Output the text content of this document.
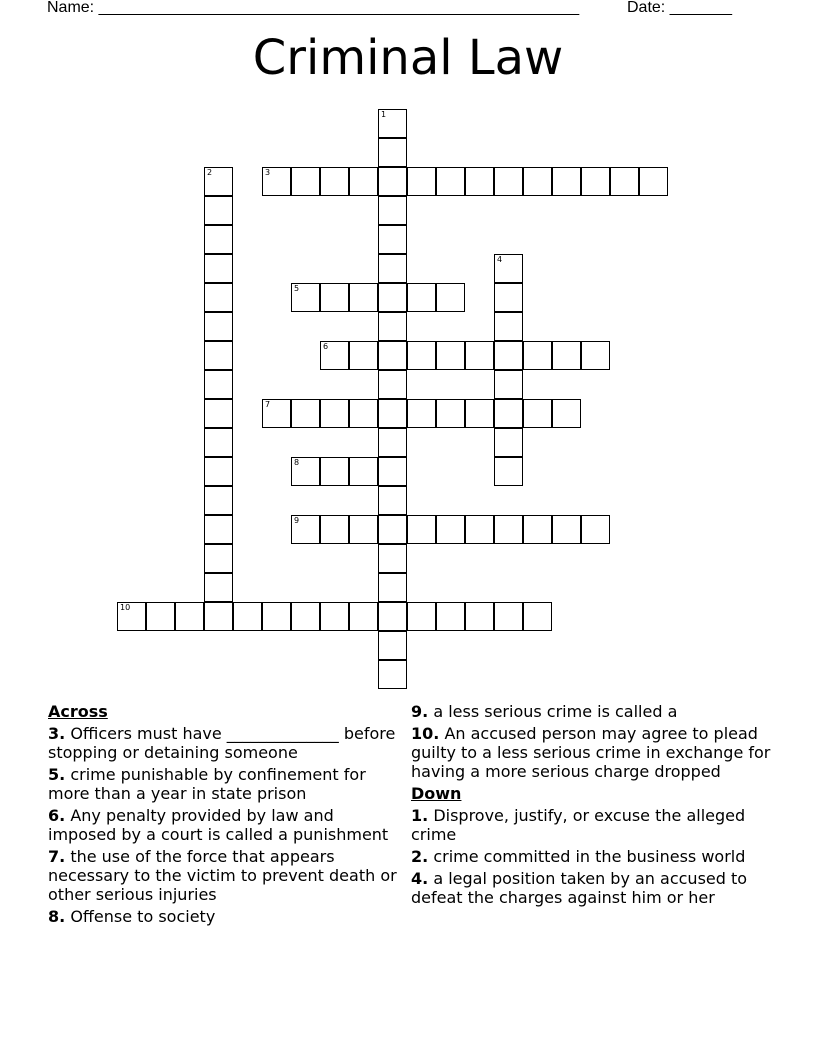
Name: ______________________________________________________	Date: _______
Criminal Law
1
2	3
4
5
6
7
8
9
10
Across
3. Officers must have ______________ before stopping or detaining someone
5. crime punishable by confinement for more than a year in state prison
6. Any penalty provided by law and imposed by a court is called a punishment
7. the use of the force that appears necessary to the victim to prevent death or other serious injuries
8. Offense to society
9. a less serious crime is called a
10. An accused person may agree to plead guilty to a less serious crime in exchange for having a more serious charge dropped
Down
1. Disprove, justify, or excuse the alleged crime
2. crime committed in the business world
4. a legal position taken by an accused to defeat the charges against him or her
